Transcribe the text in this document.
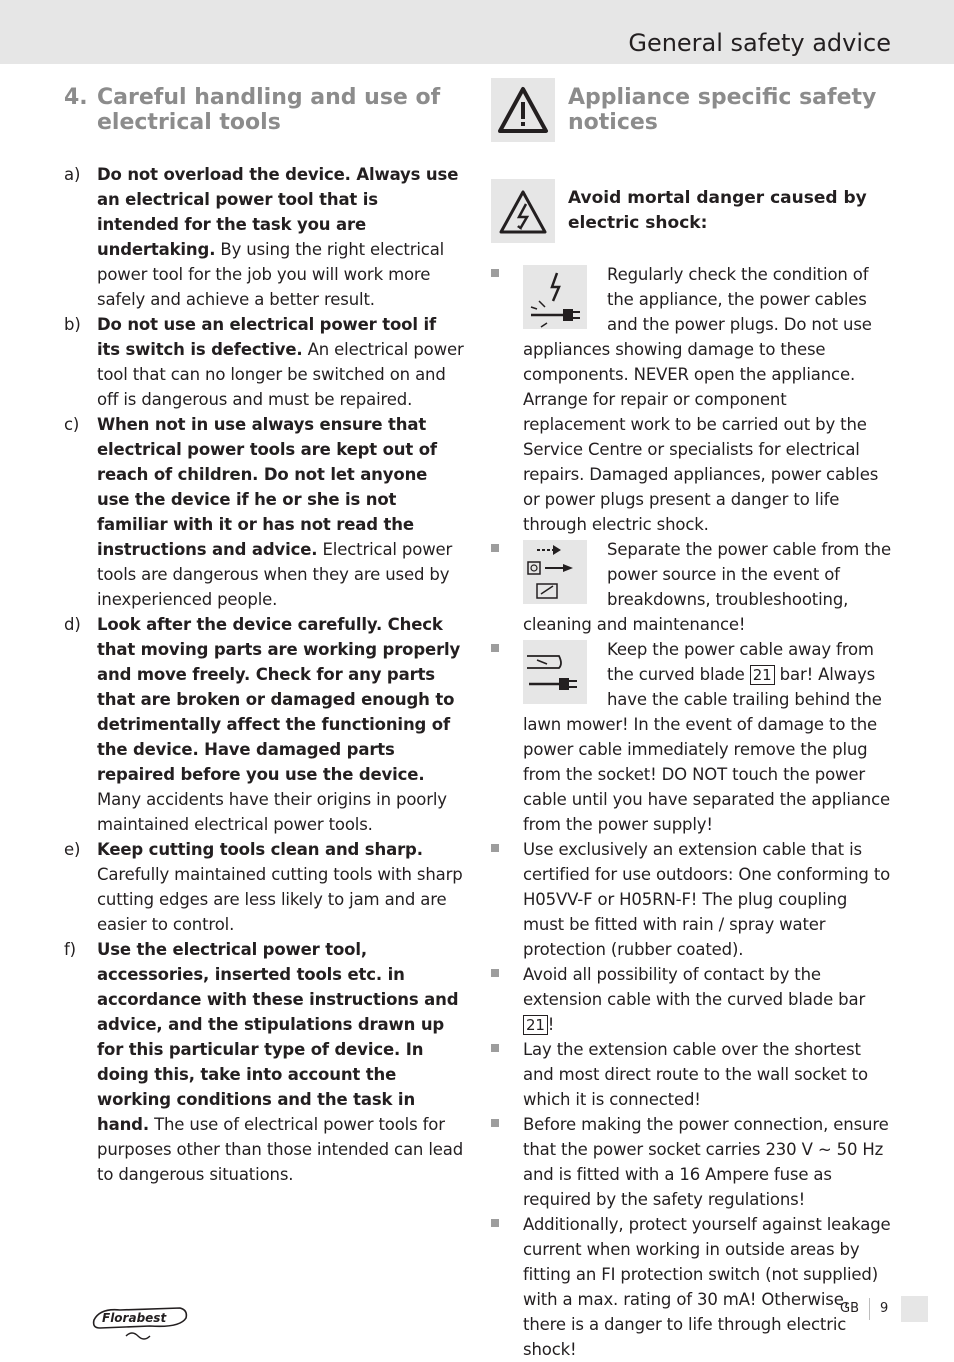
General safety advice
4. Careful handling and use of electrical tools
a) Do not overload the device. Always use an electrical power tool that is intended for the task you are undertaking. By using the right electrical power tool for the job you will work more safely and achieve a better result.
b) Do not use an electrical power tool if its switch is defective. An electrical power tool that can no longer be switched on and off is dangerous and must be repaired.
c) When not in use always ensure that electrical power tools are kept out of reach of children. Do not let anyone use the device if he or she is not familiar with it or has not read the instructions and advice. Electrical power tools are dangerous when they are used by inexperienced people.
d) Look after the device carefully. Check that moving parts are working properly and move freely. Check for any parts that are broken or damaged enough to detrimentally affect the functioning of the device. Have damaged parts repaired before you use the device. Many accidents have their origins in poorly maintained electrical power tools.
e) Keep cutting tools clean and sharp. Carefully maintained cutting tools with sharp cutting edges are less likely to jam and are easier to control.
f) Use the electrical power tool, accessories, inserted tools etc. in accordance with these instructions and advice, and the stipulations drawn up for this particular type of device. In doing this, take into account the working conditions and the task in hand. The use of electrical power tools for purposes other than those intended can lead to dangerous situations.
Appliance specific safety notices
Avoid mortal danger caused by electric shock:
Regularly check the condition of the appliance, the power cables and the power plugs. Do not use appliances showing damage to these components. NEVER open the appliance. Arrange for repair or component replacement work to be carried out by the Service Centre or specialists for electrical repairs. Damaged appliances, power cables or power plugs present a danger to life through electric shock.
Separate the power cable from the power source in the event of breakdowns, troubleshooting, cleaning and maintenance!
Keep the power cable away from the curved blade 21 bar! Always have the cable trailing behind the lawn mower! In the event of damage to the power cable immediately remove the plug from the socket! DO NOT touch the power cable until you have separated the appliance from the power supply!
Use exclusively an extension cable that is certified for use outdoors: One conforming to H05VV-F or H05RN-F! The plug coupling must be fitted with rain / spray water protection (rubber coated).
Avoid all possibility of contact by the extension cable with the curved blade bar 21 !
Lay the extension cable over the shortest and most direct route to the wall socket to which it is connected!
Before making the power connection, ensure that the power socket carries 230 V ~ 50 Hz and is fitted with a 16 Ampere fuse as required by the safety regulations!
Additionally, protect yourself against leakage current when working in outside areas by fitting an FI protection switch (not supplied) with a max. rating of 30 mA! Otherwise, there is a danger to life through electric shock!
Florabest
GB 9
